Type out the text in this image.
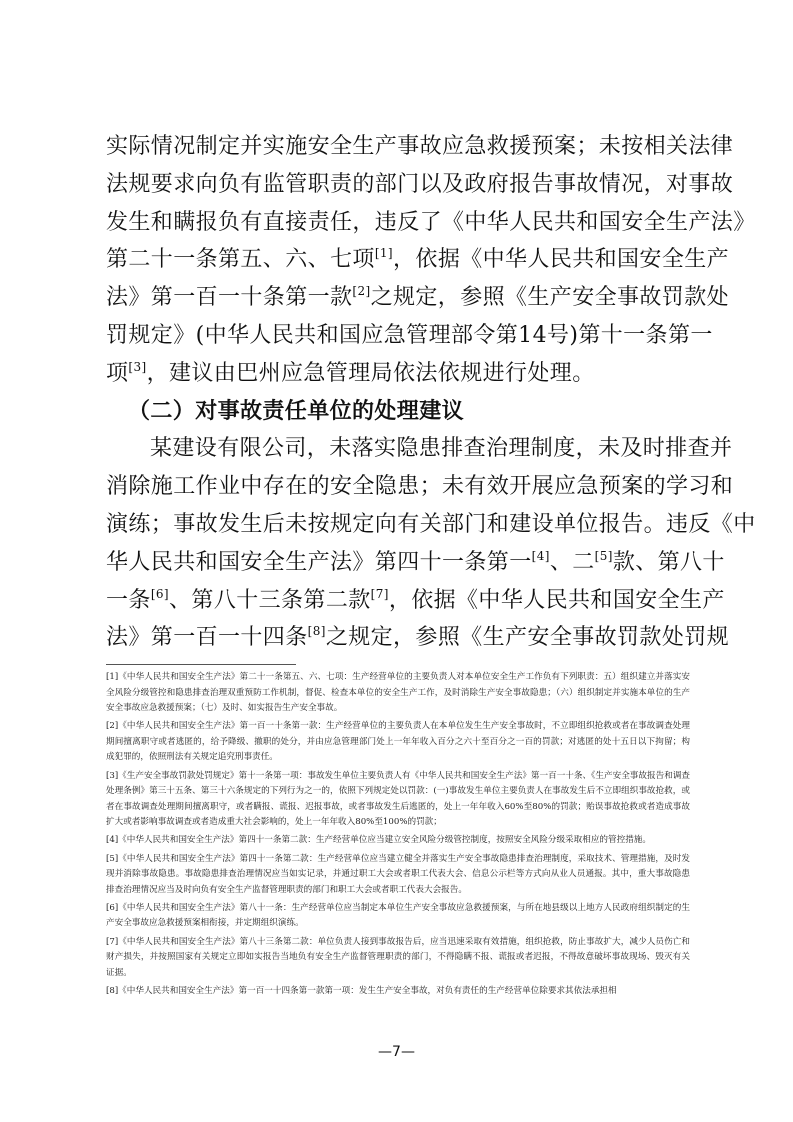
实际情况制定并实施安全生产事故应急救援预案；未按相关法律
法规要求向负有监管职责的部门以及政府报告事故情况，对事故
发生和瞒报负有直接责任，违反了《中华人民共和国安全生产法》
第二十一条第五、六、七项[1]，依据《中华人民共和国安全生产
法》第一百一十条第一款[2]之规定，参照《生产安全事故罚款处
罚规定》(中华人民共和国应急管理部令第14号)第十一条第一
项[3]，建议由巴州应急管理局依法依规进行处理。
（二）对事故责任单位的处理建议
某建设有限公司，未落实隐患排查治理制度，未及时排查并
消除施工作业中存在的安全隐患；未有效开展应急预案的学习和
演练；事故发生后未按规定向有关部门和建设单位报告。违反《中
华人民共和国安全生产法》第四十一条第一[4]、二[5]款、第八十
一条[6]、第八十三条第二款[7]，依据《中华人民共和国安全生产
法》第一百一十四条[8]之规定，参照《生产安全事故罚款处罚规
[1]《中华人民共和国安全生产法》第二十一条第五、六、七项：生产经营单位的主要负责人对本单位安全生产工作负有下列职责：五）组织建立并落实安全风险分级管控和隐患排查治理双重预防工作机制，督促、检查本单位的安全生产工作，及时消除生产安全事故隐患；（六）组织制定并实施本单位的生产安全事故应急救援预案；（七）及时、如实报告生产安全事故。
[2]《中华人民共和国安全生产法》第一百一十条第一款：生产经营单位的主要负责人在本单位发生生产安全事故时，不立即组织抢救或者在事故调查处理期间擅离职守或者逃匿的，给予降级、撤职的处分，并由应急管理部门处上一年年收入百分之六十至百分之一百的罚款；对逃匿的处十五日以下拘留；构成犯罪的，依照刑法有关规定追究刑事责任。
[3]《生产安全事故罚款处罚规定》第十一条第一项：事故发生单位主要负责人有《中华人民共和国安全生产法》第一百一十条、《生产安全事故报告和调查处理条例》第三十五条、第三十六条规定的下列行为之一的，依照下列规定处以罚款：(一)事故发生单位主要负责人在事故发生后不立即组织事故抢救，或者在事故调查处理期间擅离职守，或者瞒报、谎报、迟报事故，或者事故发生后逃匿的，处上一年年收入60%至80%的罚款；贻误事故抢救或者造成事故扩大或者影响事故调查或者造成重大社会影响的，处上一年年收入80%至100%的罚款；
[4]《中华人民共和国安全生产法》第四十一条第二款：生产经营单位应当建立安全风险分级管控制度，按照安全风险分级采取相应的管控措施。
[5]《中华人民共和国安全生产法》第四十一条第二款：生产经营单位应当建立健全并落实生产安全事故隐患排查治理制度，采取技术、管理措施，及时发现并消除事故隐患。事故隐患排查治理情况应当如实记录，并通过职工大会或者职工代表大会、信息公示栏等方式向从业人员通报。其中，重大事故隐患排查治理情况应当及时向负有安全生产监督管理职责的部门和职工大会或者职工代表大会报告。
[6]《中华人民共和国安全生产法》第八十一条：生产经营单位应当制定本单位生产安全事故应急救援预案，与所在地县级以上地方人民政府组织制定的生产安全事故应急救援预案相衔接，并定期组织演练。
[7]《中华人民共和国安全生产法》第八十三条第二款：单位负责人接到事故报告后，应当迅速采取有效措施，组织抢救，防止事故扩大，减少人员伤亡和财产损失，并按照国家有关规定立即如实报告当地负有安全生产监督管理职责的部门，不得隐瞒不报、谎报或者迟报，不得故意破坏事故现场、毁灭有关证据。
[8]《中华人民共和国安全生产法》第一百一十四条第一款第一项：发生生产安全事故，对负有责任的生产经营单位除要求其依法承担相
—7—
